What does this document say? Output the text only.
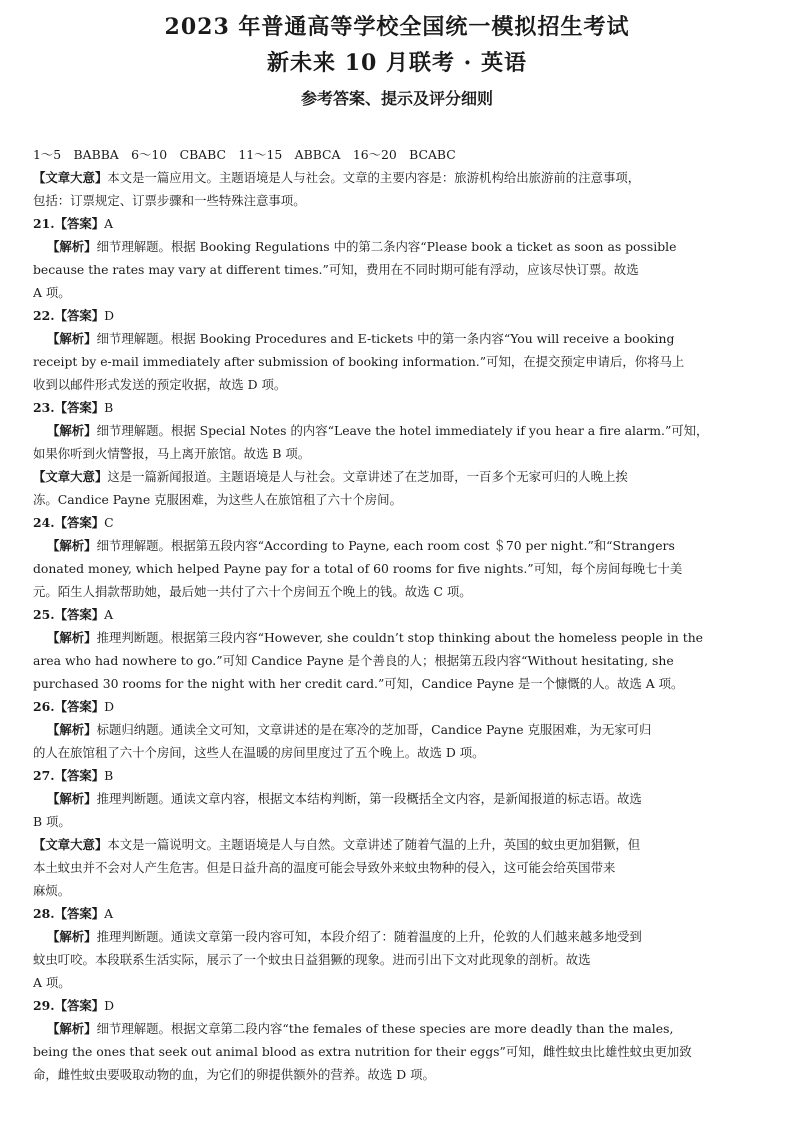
2023 年普通高等学校全国统一模拟招生考试
新未来 10 月联考 · 英语
参考答案、提示及评分细则
1～5　BABBA　6～10　CBABC　11～15　ABBCA　16～20　BCABC
【文章大意】本文是一篇应用文。主题语境是人与社会。文章的主要内容是：旅游机构给出旅游前的注意事项，
包括：订票规定、订票步骤和一些特殊注意事项。
21.【答案】A
【解析】细节理解题。根据 Booking Regulations 中的第二条内容“Please book a ticket as soon as possible
because the rates may vary at different times.”可知，费用在不同时期可能有浮动，应该尽快订票。故选
A 项。
22.【答案】D
【解析】细节理解题。根据 Booking Procedures and E-tickets 中的第一条内容“You will receive a booking
receipt by e-mail immediately after submission of booking information.”可知，在提交预定申请后，你将马上
收到以邮件形式发送的预定收据，故选 D 项。
23.【答案】B
【解析】细节理解题。根据 Special Notes 的内容“Leave the hotel immediately if you hear a fire alarm.”可知，
如果你听到火情警报，马上离开旅馆。故选 B 项。
【文章大意】这是一篇新闻报道。主题语境是人与社会。文章讲述了在芝加哥，一百多个无家可归的人晚上挨
冻。Candice Payne 克服困难，为这些人在旅馆租了六十个房间。
24.【答案】C
【解析】细节理解题。根据第五段内容“According to Payne, each room cost ＄70 per night.”和“Strangers
donated money, which helped Payne pay for a total of 60 rooms for five nights.”可知，每个房间每晚七十美
元。陌生人捐款帮助她，最后她一共付了六十个房间五个晚上的钱。故选 C 项。
25.【答案】A
【解析】推理判断题。根据第三段内容“However, she couldn’t stop thinking about the homeless people in the
area who had nowhere to go.”可知 Candice Payne 是个善良的人；根据第五段内容“Without hesitating, she
purchased 30 rooms for the night with her credit card.”可知，Candice Payne 是一个慷慨的人。故选 A 项。
26.【答案】D
【解析】标题归纳题。通读全文可知，文章讲述的是在寒冷的芝加哥，Candice Payne 克服困难，为无家可归
的人在旅馆租了六十个房间，这些人在温暖的房间里度过了五个晚上。故选 D 项。
27.【答案】B
【解析】推理判断题。通读文章内容，根据文本结构判断，第一段概括全文内容，是新闻报道的标志语。故选
B 项。
【文章大意】本文是一篇说明文。主题语境是人与自然。文章讲述了随着气温的上升，英国的蚊虫更加猖獗，但
本土蚊虫并不会对人产生危害。但是日益升高的温度可能会导致外来蚊虫物种的侵入，这可能会给英国带来
麻烦。
28.【答案】A
【解析】推理判断题。通读文章第一段内容可知，本段介绍了：随着温度的上升，伦敦的人们越来越多地受到
蚊虫叮咬。本段联系生活实际，展示了一个蚊虫日益猖獗的现象。进而引出下文对此现象的剖析。故选
A 项。
29.【答案】D
【解析】细节理解题。根据文章第二段内容“the females of these species are more deadly than the males,
being the ones that seek out animal blood as extra nutrition for their eggs”可知，雌性蚊虫比雄性蚊虫更加致
命，雌性蚊虫要吸取动物的血，为它们的卵提供额外的营养。故选 D 项。
